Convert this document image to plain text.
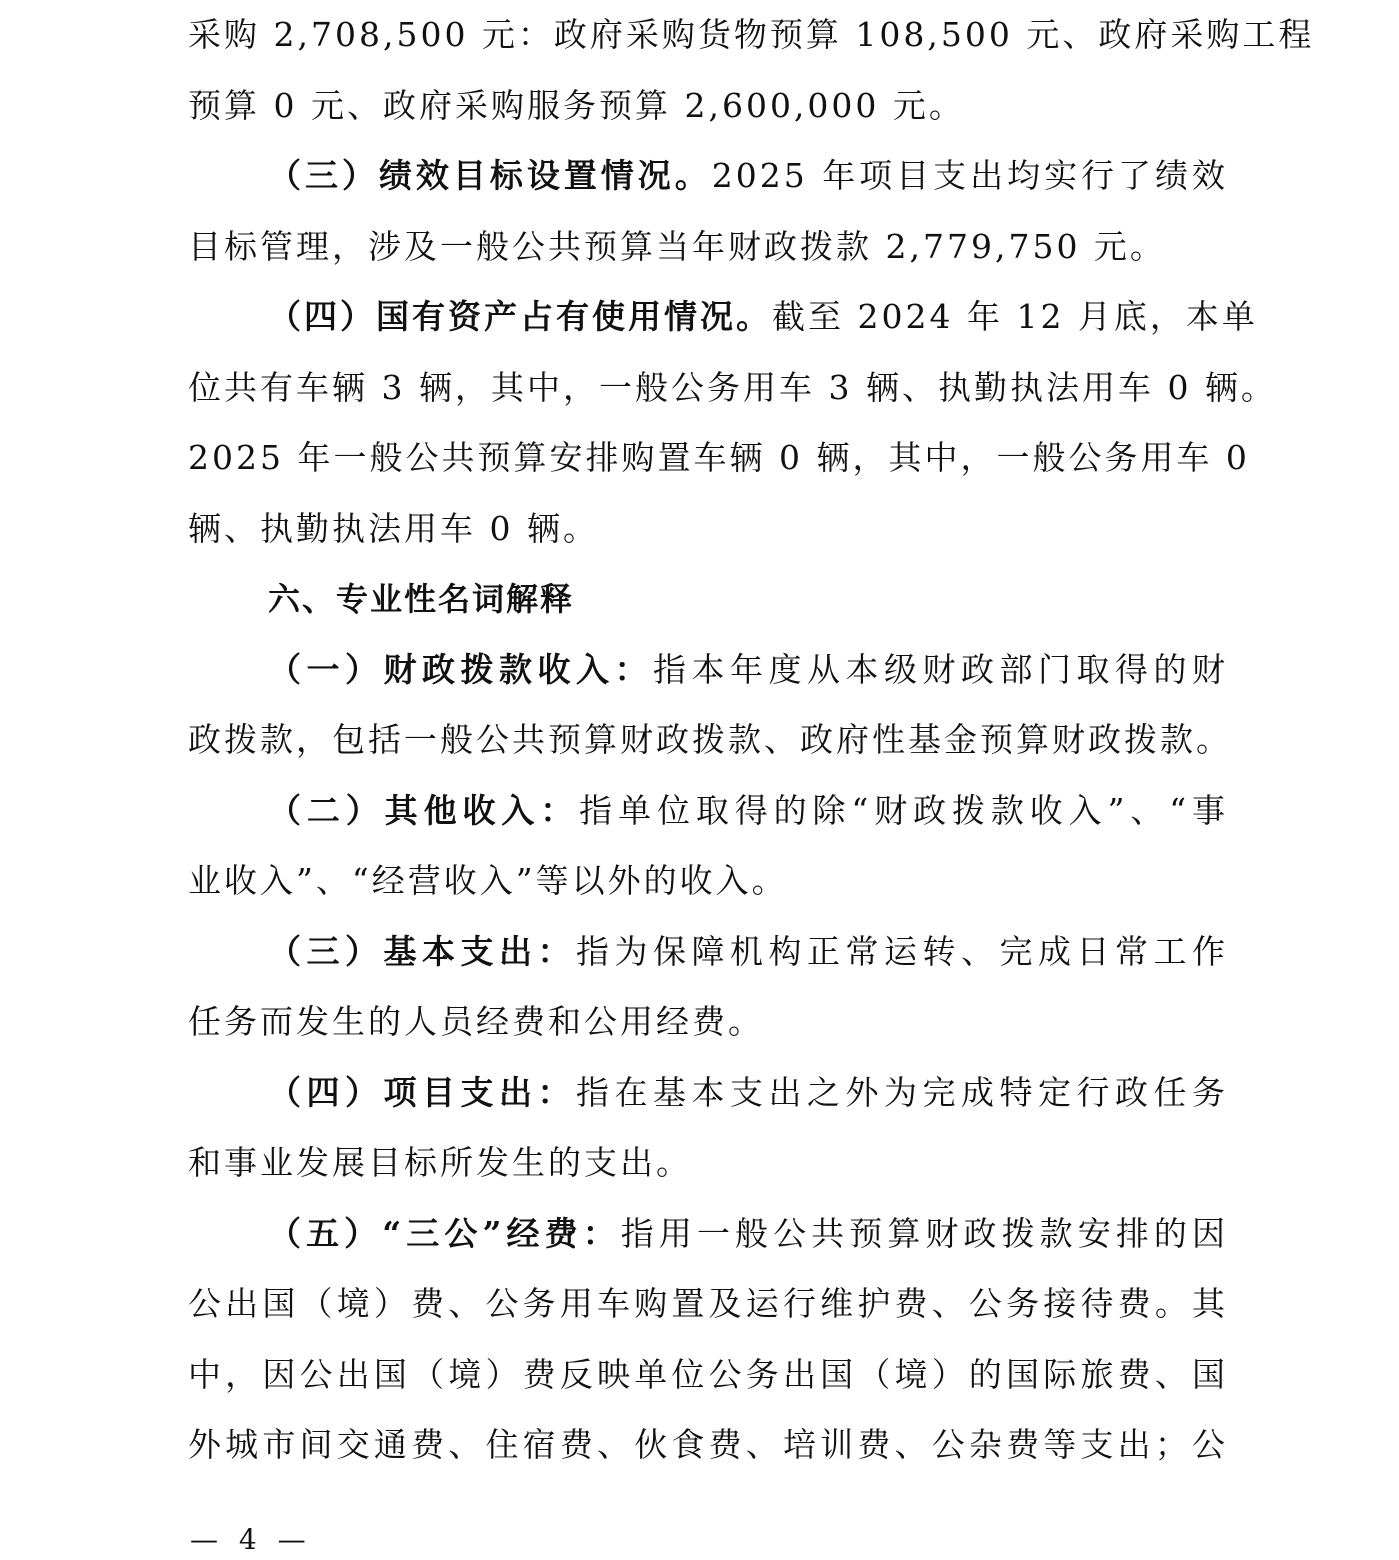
采购 2,708,500 元：政府采购货物预算 108,500 元、政府采购工程
预算 0 元、政府采购服务预算 2,600,000 元。
（三）绩效目标设置情况。2025 年项目支出均实行了绩效
目标管理，涉及一般公共预算当年财政拨款 2,779,750 元。
（四）国有资产占有使用情况。截至 2024 年 12 月底，本单
位共有车辆 3 辆，其中，一般公务用车 3 辆、执勤执法用车 0 辆。
2025 年一般公共预算安排购置车辆 0 辆，其中，一般公务用车 0
辆、执勤执法用车 0 辆。
六、专业性名词解释
（一）财政拨款收入：指本年度从本级财政部门取得的财
政拨款，包括一般公共预算财政拨款、政府性基金预算财政拨款。
（二）其他收入：指单位取得的除“财政拨款收入”、“事
业收入”、“经营收入”等以外的收入。
（三）基本支出：指为保障机构正常运转、完成日常工作
任务而发生的人员经费和公用经费。
（四）项目支出：指在基本支出之外为完成特定行政任务
和事业发展目标所发生的支出。
（五）“三公”经费：指用一般公共预算财政拨款安排的因
公出国（境）费、公务用车购置及运行维护费、公务接待费。其
中，因公出国（境）费反映单位公务出国（境）的国际旅费、国
外城市间交通费、住宿费、伙食费、培训费、公杂费等支出；公
— 4 —
